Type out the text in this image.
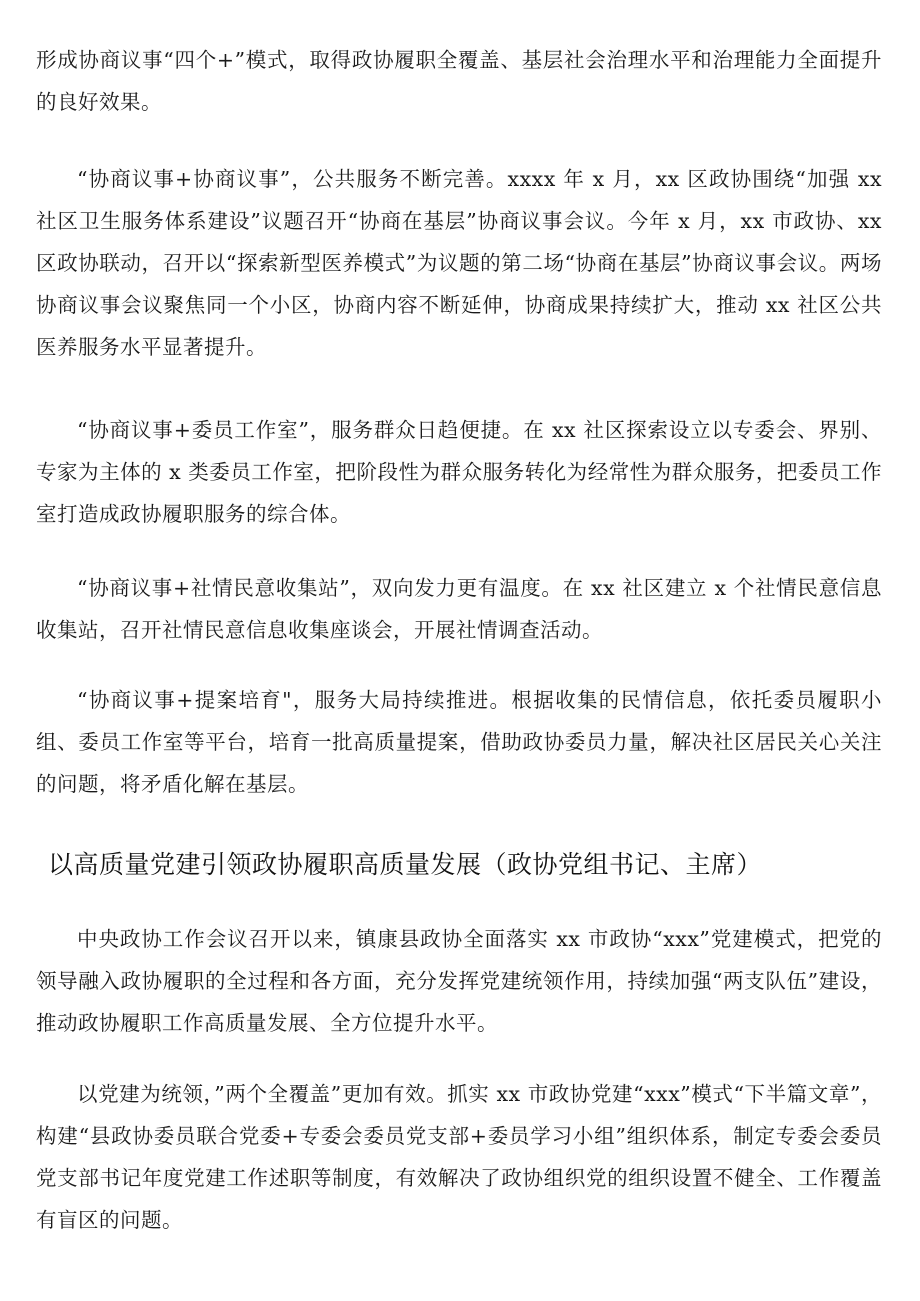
形成协商议事“四个+”模式，取得政协履职全覆盖、基层社会治理水平和治理能力全面提升的良好效果。

“协商议事+协商议事”，公共服务不断完善。xxxx 年 x 月，xx 区政协围绕“加强 xx 社区卫生服务体系建设”议题召开“协商在基层”协商议事会议。今年 x 月，xx 市政协、xx 区政协联动，召开以“探索新型医养模式”为议题的第二场“协商在基层”协商议事会议。两场协商议事会议聚焦同一个小区，协商内容不断延伸，协商成果持续扩大，推动 xx 社区公共医养服务水平显著提升。

“协商议事+委员工作室”，服务群众日趋便捷。在 xx 社区探索设立以专委会、界别、专家为主体的 x 类委员工作室，把阶段性为群众服务转化为经常性为群众服务，把委员工作室打造成政协履职服务的综合体。

“协商议事+社情民意收集站”，双向发力更有温度。在 xx 社区建立 x 个社情民意信息收集站，召开社情民意信息收集座谈会，开展社情调查活动。

“协商议事+提案培育"，服务大局持续推进。根据收集的民情信息，依托委员履职小组、委员工作室等平台，培育一批高质量提案，借助政协委员力量，解决社区居民关心关注的问题，将矛盾化解在基层。

以高质量党建引领政协履职高质量发展（政协党组书记、主席）

中央政协工作会议召开以来，镇康县政协全面落实 xx 市政协“xxx”党建模式，把党的领导融入政协履职的全过程和各方面，充分发挥党建统领作用，持续加强“两支队伍”建设，推动政协履职工作高质量发展、全方位提升水平。

以党建为统领，”两个全覆盖”更加有效。抓实 xx 市政协党建“xxx”模式“下半篇文章”，构建“县政协委员联合党委+专委会委员党支部+委员学习小组”组织体系，制定专委会委员党支部书记年度党建工作述职等制度，有效解决了政协组织党的组织设置不健全、工作覆盖有盲区的问题。
